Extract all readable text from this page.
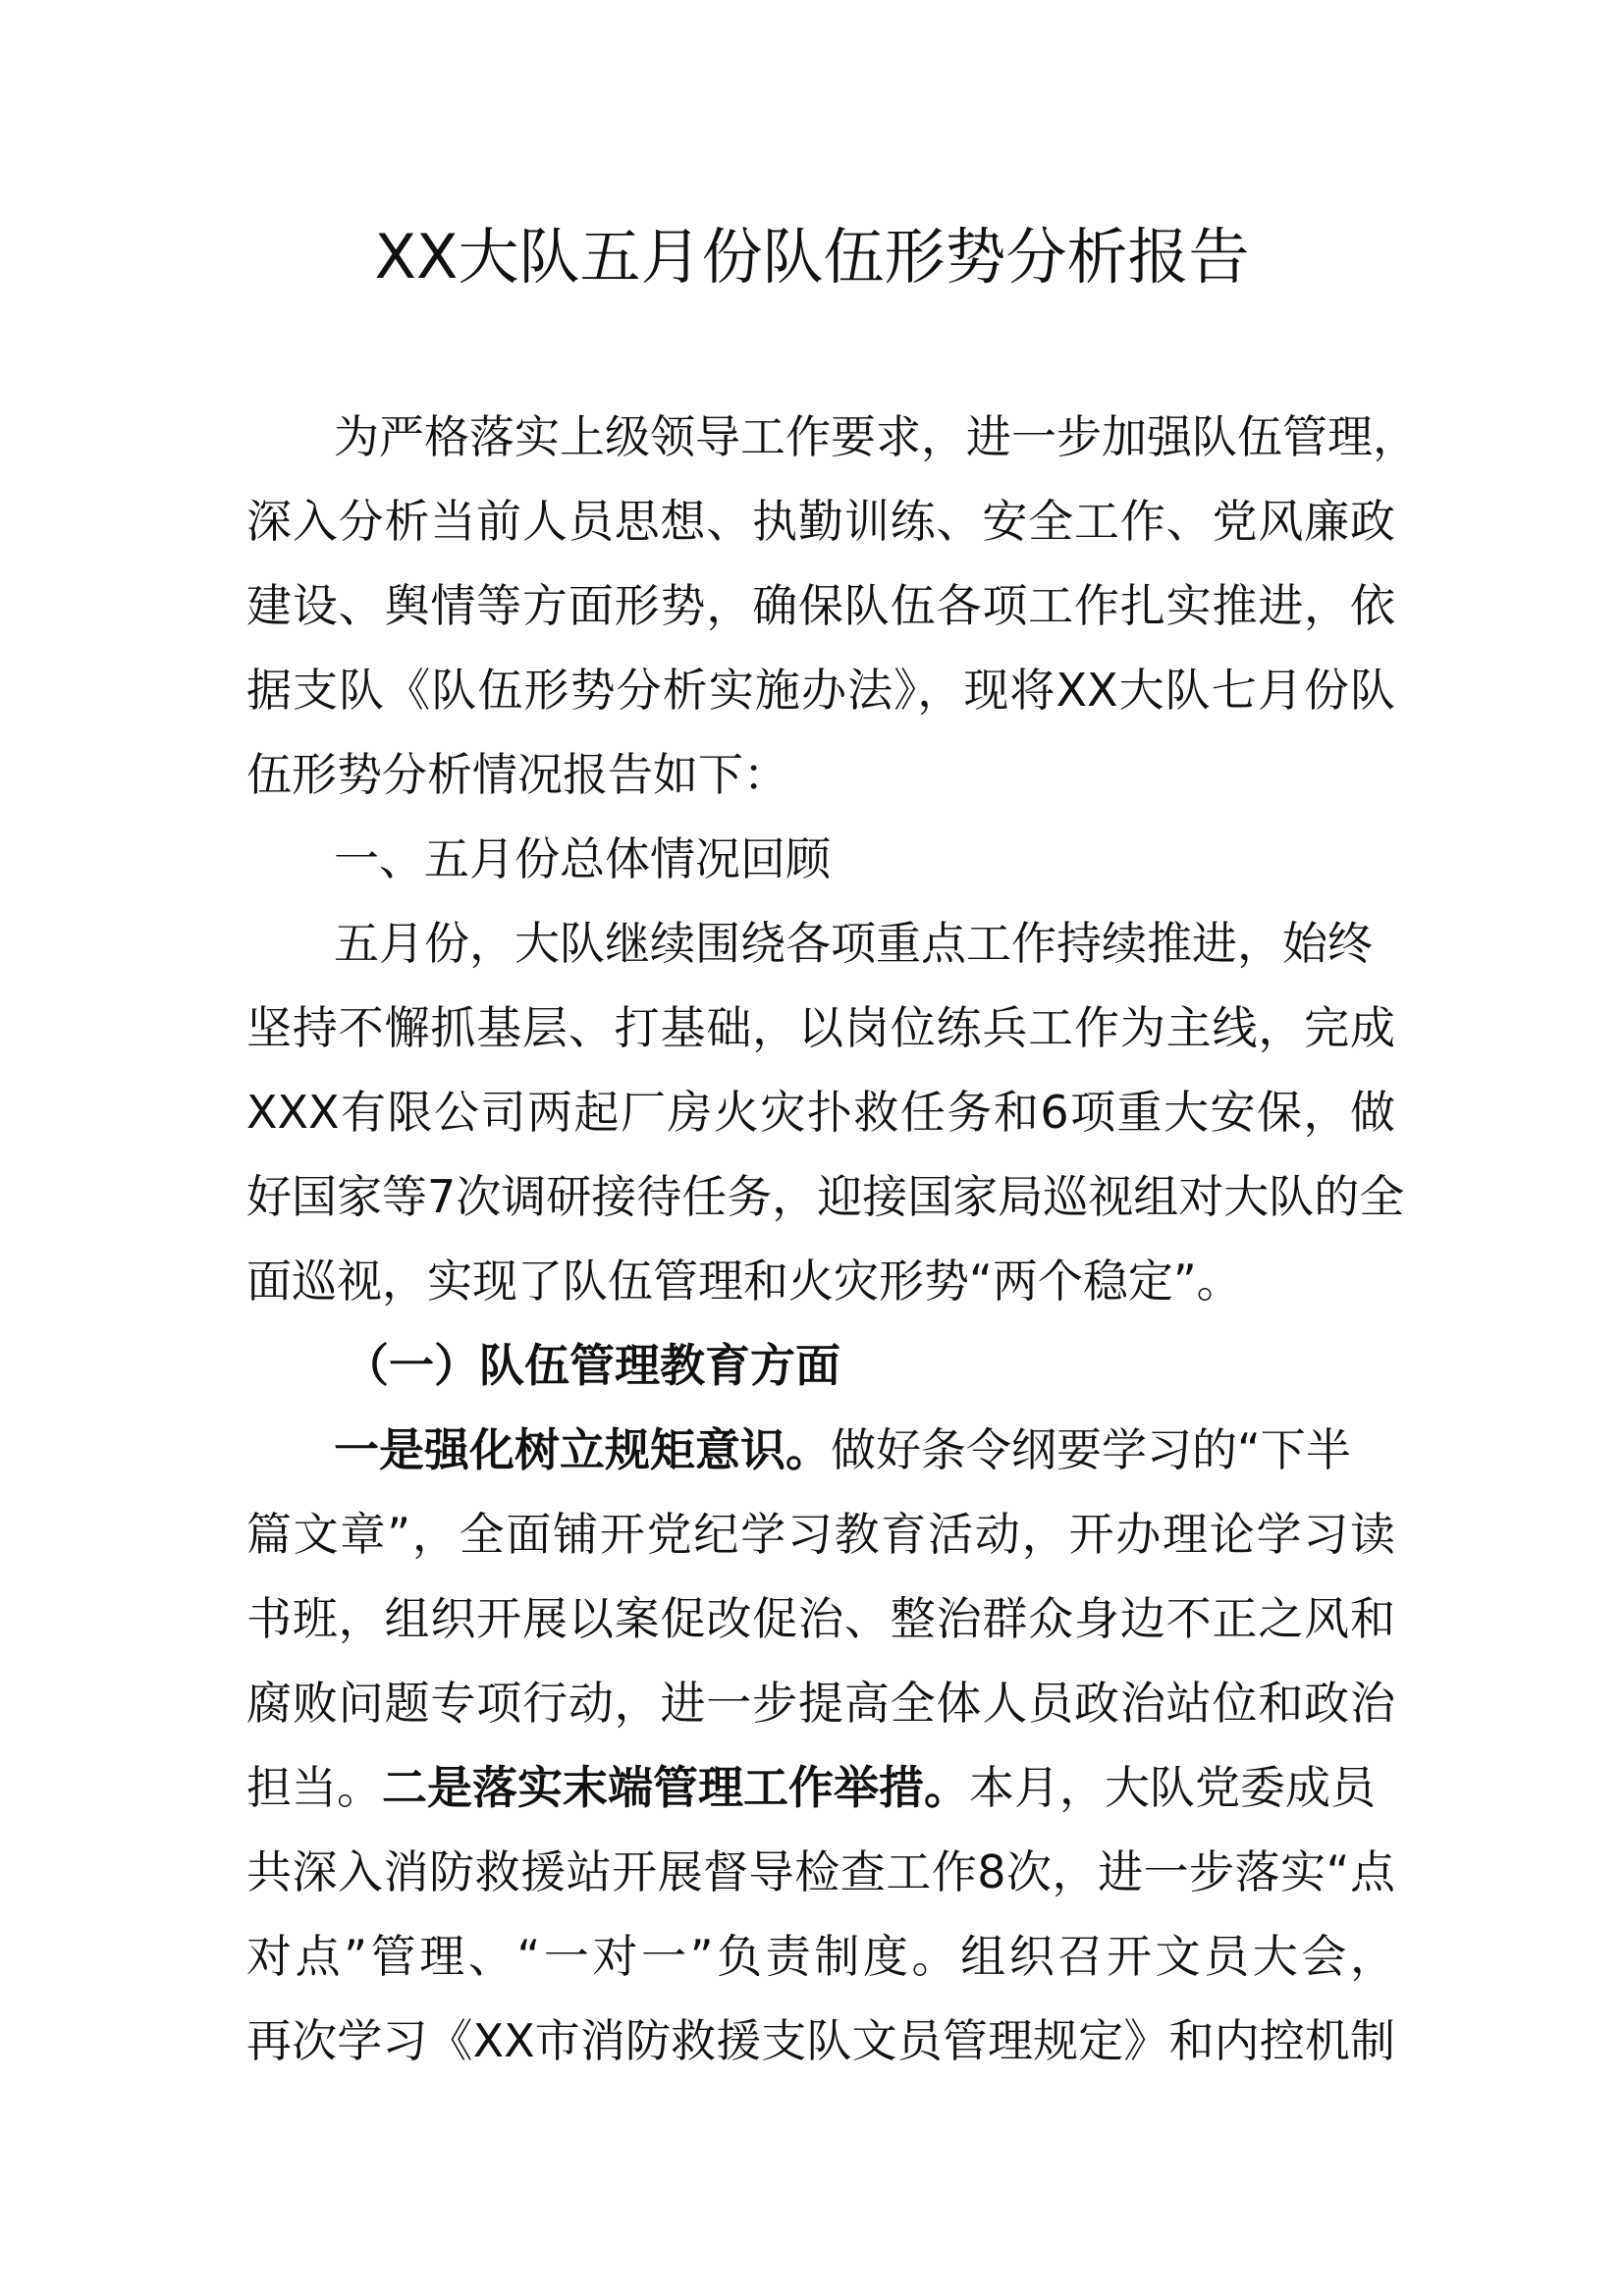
XX大队五月份队伍形势分析报告

为严格落实上级领导工作要求，进一步加强队伍管理，

深入分析当前人员思想、执勤训练、安全工作、党风廉政

建设、舆情等方面形势，确保队伍各项工作扎实推进，依

据支队《队伍形势分析实施办法》，现将XX大队七月份队

伍形势分析情况报告如下：

一、五月份总体情况回顾

五月份，大队继续围绕各项重点工作持续推进，始终

坚持不懈抓基层、打基础，以岗位练兵工作为主线，完成

XXX有限公司两起厂房火灾扑救任务和6项重大安保，做

好国家等7次调研接待任务，迎接国家局巡视组对大队的全

面巡视，实现了队伍管理和火灾形势“两个稳定”。

（一）队伍管理教育方面

一是强化树立规矩意识。做好条令纲要学习的“下半

篇文章”，全面铺开党纪学习教育活动，开办理论学习读

书班，组织开展以案促改促治、整治群众身边不正之风和

腐败问题专项行动，进一步提高全体人员政治站位和政治

担当。二是落实末端管理工作举措。本月，大队党委成员

共深入消防救援站开展督导检查工作8次，进一步落实“点

对点”管理、“一对一”负责制度。组织召开文员大会，

再次学习《XX市消防救援支队文员管理规定》和内控机制
